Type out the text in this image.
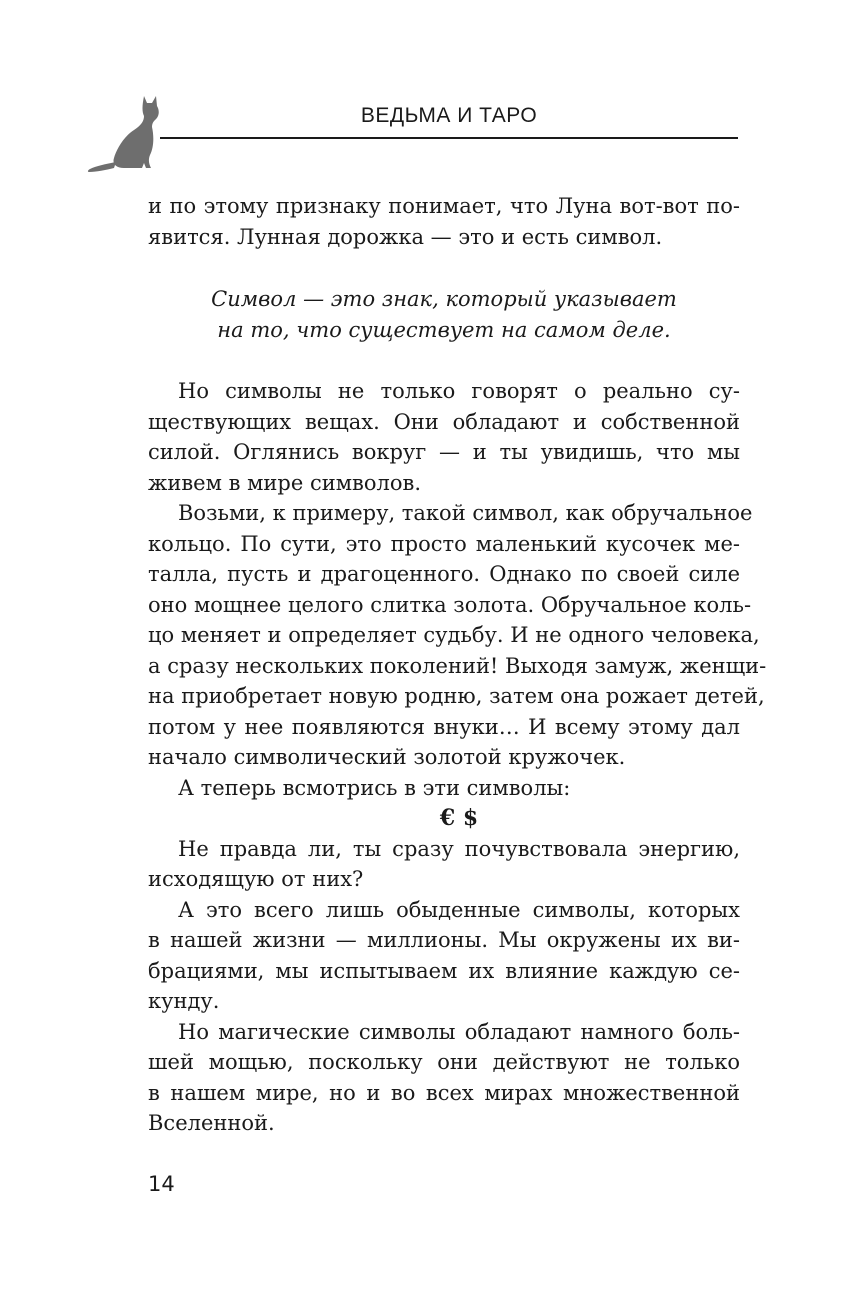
ВЕДЬМА И ТАРО
и по этому признаку понимает, что Луна вот-вот по-
явится. Лунная дорожка — это и есть символ.
Символ — это знак, который указывает
на то, что существует на самом деле.
Но символы не только говорят о реально су-
ществующих вещах. Они обладают и собственной
силой. Оглянись вокруг — и ты увидишь, что мы
живем в мире символов.
Возьми, к примеру, такой символ, как обручальное
кольцо. По сути, это просто маленький кусочек ме-
талла, пусть и драгоценного. Однако по своей силе
оно мощнее целого слитка золота. Обручальное коль-
цо меняет и определяет судьбу. И не одного человека,
а сразу нескольких поколений! Выходя замуж, женщи-
на приобретает новую родню, затем она рожает детей,
потом у нее появляются внуки… И всему этому дал
начало символический золотой кружочек.
А теперь всмотрись в эти символы:
€ $
Не правда ли, ты сразу почувствовала энергию,
исходящую от них?
А это всего лишь обыденные символы, которых
в нашей жизни — миллионы. Мы окружены их ви-
брациями, мы испытываем их влияние каждую се-
кунду.
Но магические символы обладают намного боль-
шей мощью, поскольку они действуют не только
в нашем мире, но и во всех мирах множественной
Вселенной.
14
